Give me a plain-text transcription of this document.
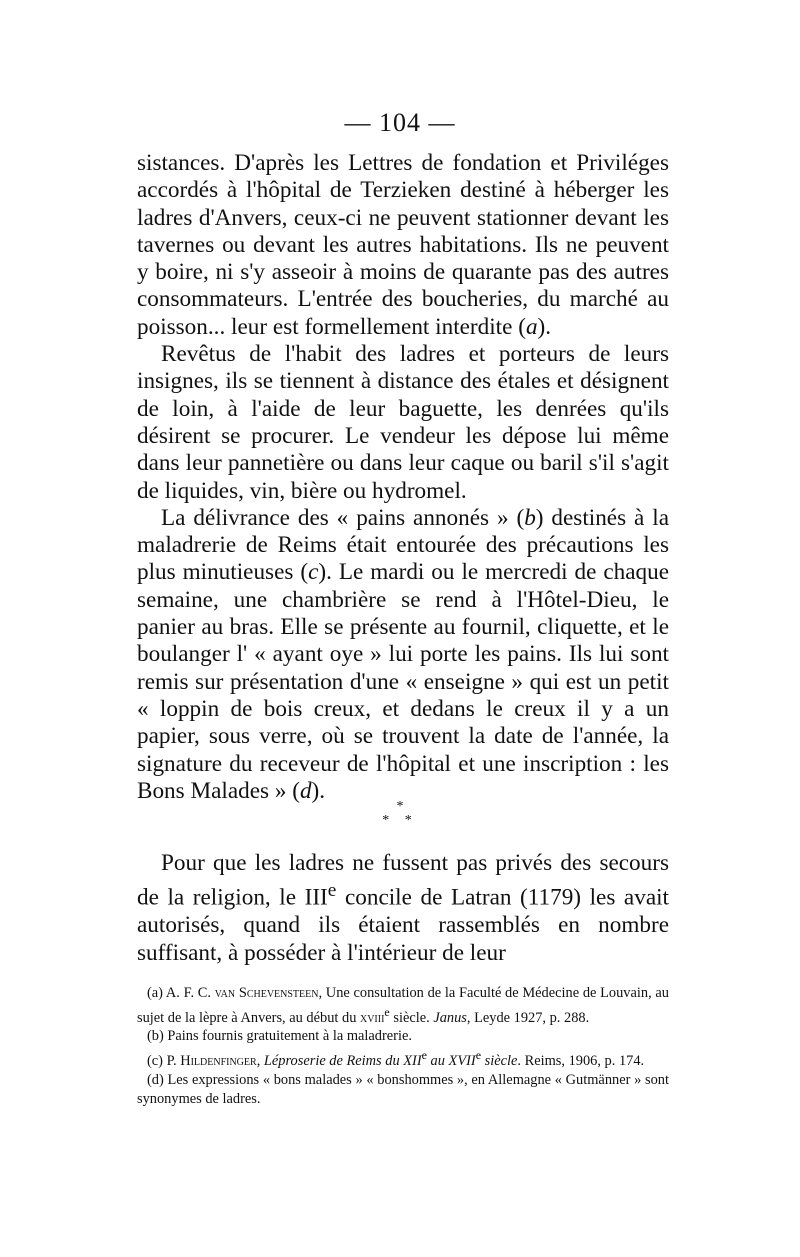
— 104 —

sistances. D'après les Lettres de fondation et Priviléges accordés à l'hôpital de Terzieken destiné à héberger les ladres d'Anvers, ceux-ci ne peuvent stationner devant les tavernes ou devant les autres habitations. Ils ne peuvent y boire, ni s'y asseoir à moins de quarante pas des autres consommateurs. L'entrée des boucheries, du marché au poisson... leur est formellement interdite (a).

Revêtus de l'habit des ladres et porteurs de leurs insignes, ils se tiennent à distance des étales et désignent de loin, à l'aide de leur baguette, les denrées qu'ils désirent se procurer. Le vendeur les dépose lui même dans leur pannetière ou dans leur caque ou baril s'il s'agit de liquides, vin, bière ou hydromel.

La délivrance des « pains annonés » (b) destinés à la maladrerie de Reims était entourée des précautions les plus minutieuses (c). Le mardi ou le mercredi de chaque semaine, une chambrière se rend à l'Hôtel-Dieu, le panier au bras. Elle se présente au fournil, cliquette, et le boulanger l' « ayant oye » lui porte les pains. Ils lui sont remis sur présentation d'une « enseigne » qui est un petit « loppin de bois creux, et dedans le creux il y a un papier, sous verre, où se trouvent la date de l'année, la signature du receveur de l'hôpital et une inscription : les Bons Malades » (d).

*
* *

Pour que les ladres ne fussent pas privés des secours de la religion, le IIIe concile de Latran (1179) les avait autorisés, quand ils étaient rassemblés en nombre suffisant, à posséder à l'intérieur de leur

(a) A. F. C. van Schevensteen, Une consultation de la Faculté de Médecine de Louvain, au sujet de la lèpre à Anvers, au début du xviii$^e$ siècle. Janus, Leyde 1927, p. 288.

(b) Pains fournis gratuitement à la maladrerie.

(c) P. Hildenfinger, Léproserie de Reims du XIIe au XVIIe siècle. Reims, 1906, p. 174.

(d) Les expressions « bons malades » « bonshommes », en Allemagne « Gutmänner » sont synonymes de ladres.
